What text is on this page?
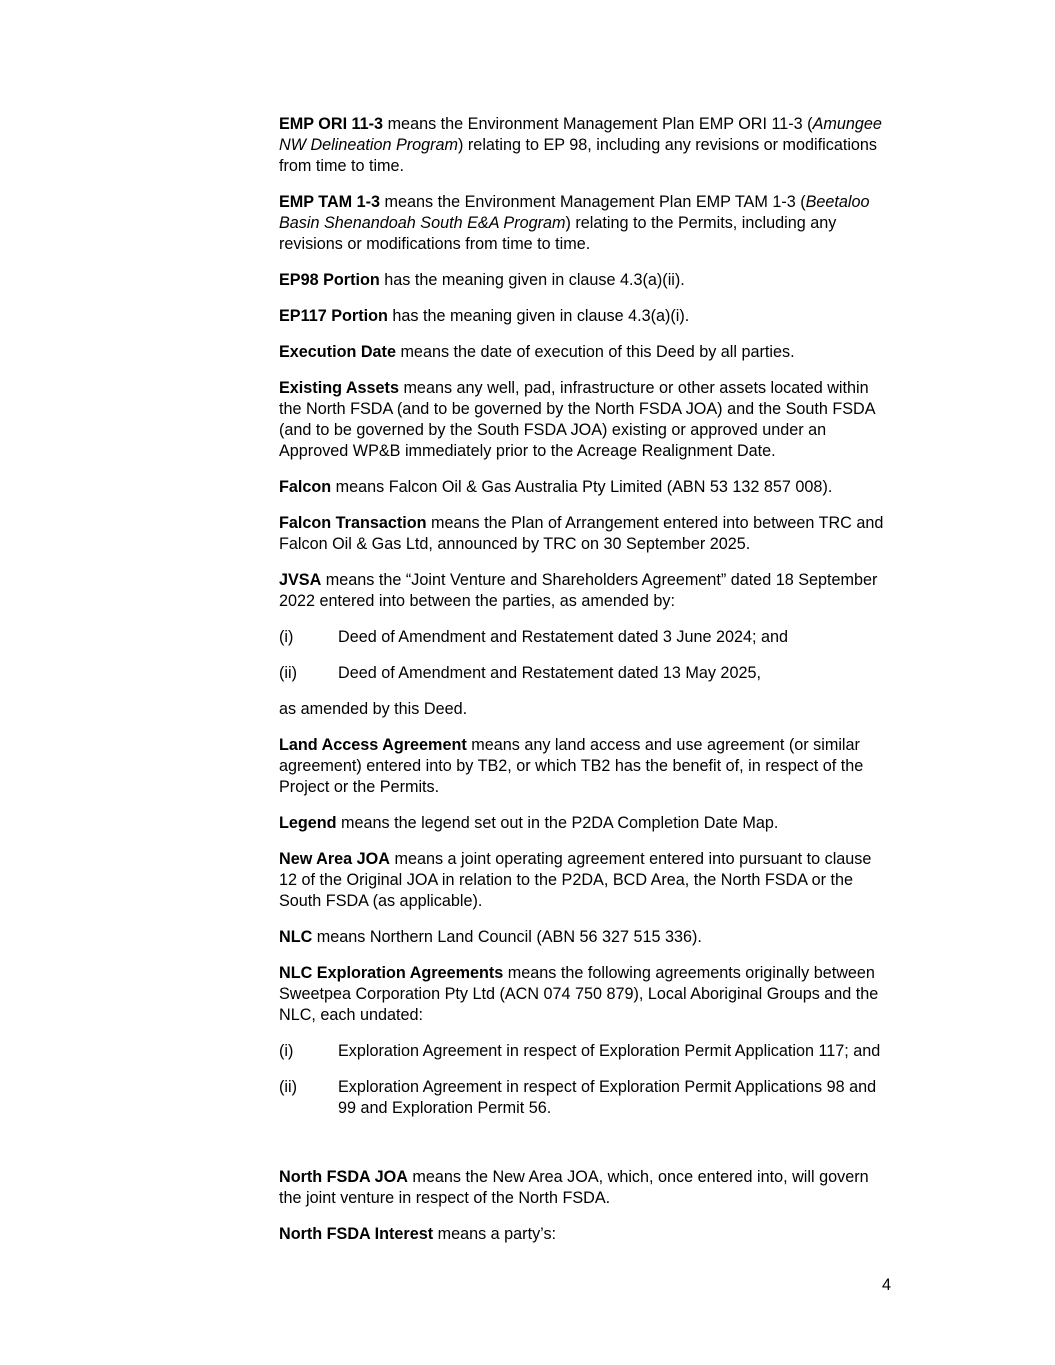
EMP ORI 11-3 means the Environment Management Plan EMP ORI 11-3 (Amungee NW Delineation Program) relating to EP 98, including any revisions or modifications from time to time.

EMP TAM 1-3 means the Environment Management Plan EMP TAM 1-3 (Beetaloo Basin Shenandoah South E&A Program) relating to the Permits, including any revisions or modifications from time to time.

EP98 Portion has the meaning given in clause 4.3(a)(ii).

EP117 Portion has the meaning given in clause 4.3(a)(i).

Execution Date means the date of execution of this Deed by all parties.

Existing Assets means any well, pad, infrastructure or other assets located within the North FSDA (and to be governed by the North FSDA JOA) and the South FSDA (and to be governed by the South FSDA JOA) existing or approved under an Approved WP&B immediately prior to the Acreage Realignment Date.

Falcon means Falcon Oil & Gas Australia Pty Limited (ABN 53 132 857 008).

Falcon Transaction means the Plan of Arrangement entered into between TRC and Falcon Oil & Gas Ltd, announced by TRC on 30 September 2025.

JVSA means the “Joint Venture and Shareholders Agreement” dated 18 September 2022 entered into between the parties, as amended by:

(i)	Deed of Amendment and Restatement dated 3 June 2024; and
(ii)	Deed of Amendment and Restatement dated 13 May 2025,

as amended by this Deed.

Land Access Agreement means any land access and use agreement (or similar agreement) entered into by TB2, or which TB2 has the benefit of, in respect of the Project or the Permits.

Legend means the legend set out in the P2DA Completion Date Map.

New Area JOA means a joint operating agreement entered into pursuant to clause 12 of the Original JOA in relation to the P2DA, BCD Area, the North FSDA or the South FSDA (as applicable).

NLC means Northern Land Council (ABN 56 327 515 336).

NLC Exploration Agreements means the following agreements originally between Sweetpea Corporation Pty Ltd (ACN 074 750 879), Local Aboriginal Groups and the NLC, each undated:

(i)	Exploration Agreement in respect of Exploration Permit Application 117; and
(ii)	Exploration Agreement in respect of Exploration Permit Applications 98 and 99 and Exploration Permit 56.

North FSDA JOA means the New Area JOA, which, once entered into, will govern the joint venture in respect of the North FSDA.

North FSDA Interest means a party’s:

4
